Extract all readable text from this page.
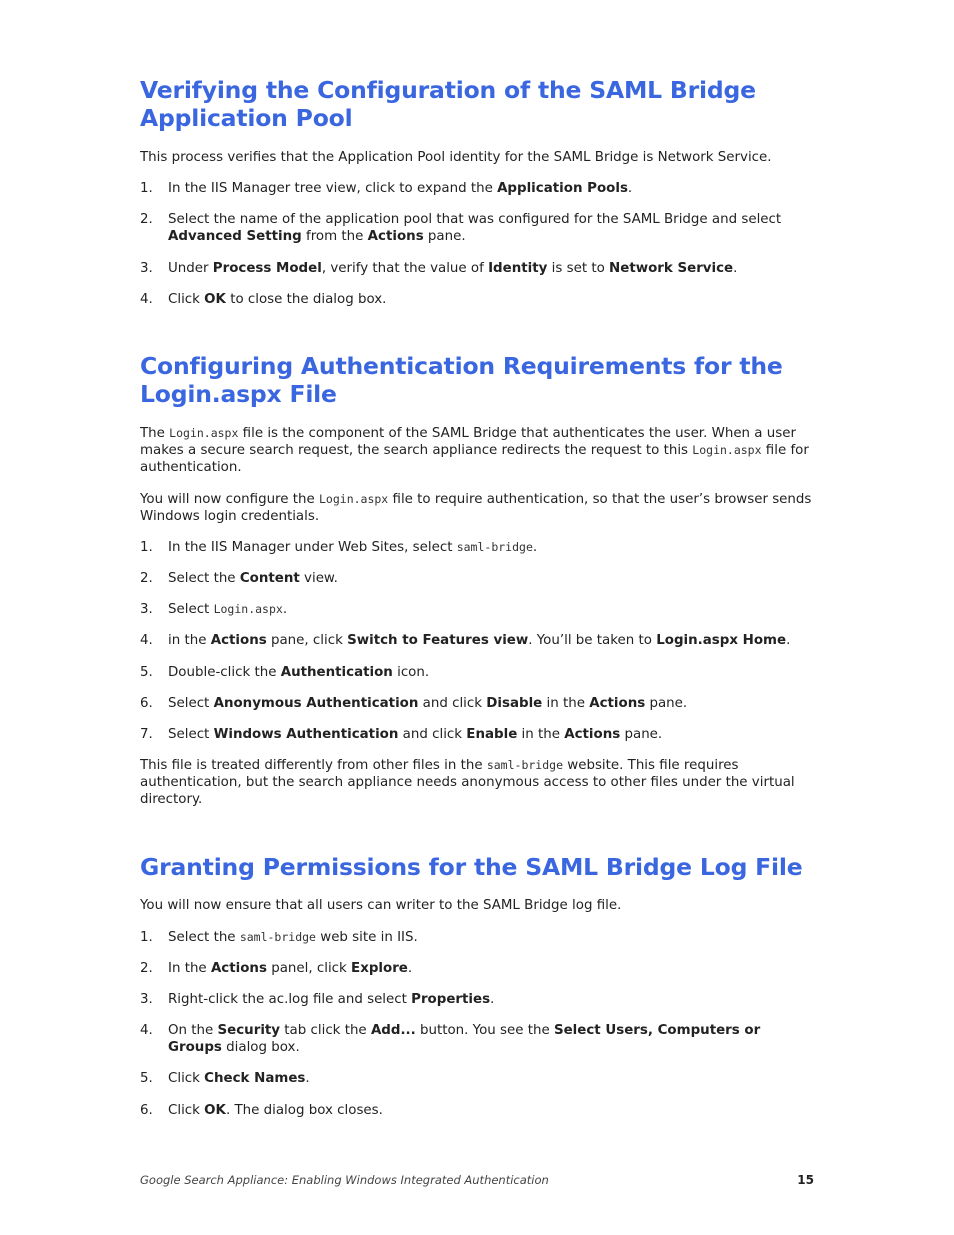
Verifying the Configuration of the SAML Bridge
Application Pool

This process verifies that the Application Pool identity for the SAML Bridge is Network Service.

1.	In the IIS Manager tree view, click to expand the Application Pools.
2.	Select the name of the application pool that was configured for the SAML Bridge and select Advanced Setting from the Actions pane.
3.	Under Process Model, verify that the value of Identity is set to Network Service.
4.	Click OK to close the dialog box.
Configuring Authentication Requirements for the
Login.aspx File

The Login.aspx file is the component of the SAML Bridge that authenticates the user. When a user makes a secure search request, the search appliance redirects the request to this Login.aspx file for authentication.

You will now configure the Login.aspx file to require authentication, so that the user’s browser sends Windows login credentials.

1.	In the IIS Manager under Web Sites, select saml-bridge.
2.	Select the Content view.
3.	Select Login.aspx.
4.	in the Actions pane, click Switch to Features view. You’ll be taken to Login.aspx Home.
5.	Double-click the Authentication icon.
6.	Select Anonymous Authentication and click Disable in the Actions pane.
7.	Select Windows Authentication and click Enable in the Actions pane.

This file is treated differently from other files in the saml-bridge website. This file requires authentication, but the search appliance needs anonymous access to other files under the virtual directory.

Granting Permissions for the SAML Bridge Log File

You will now ensure that all users can writer to the SAML Bridge log file.

1.	Select the saml-bridge web site in IIS.
2.	In the Actions panel, click Explore.
3.	Right-click the ac.log file and select Properties.
4.	On the Security tab click the Add... button. You see the Select Users, Computers or Groups dialog box.
5.	Click Check Names.
6.	Click OK. The dialog box closes.
Google Search Appliance: Enabling Windows Integrated Authentication	15
